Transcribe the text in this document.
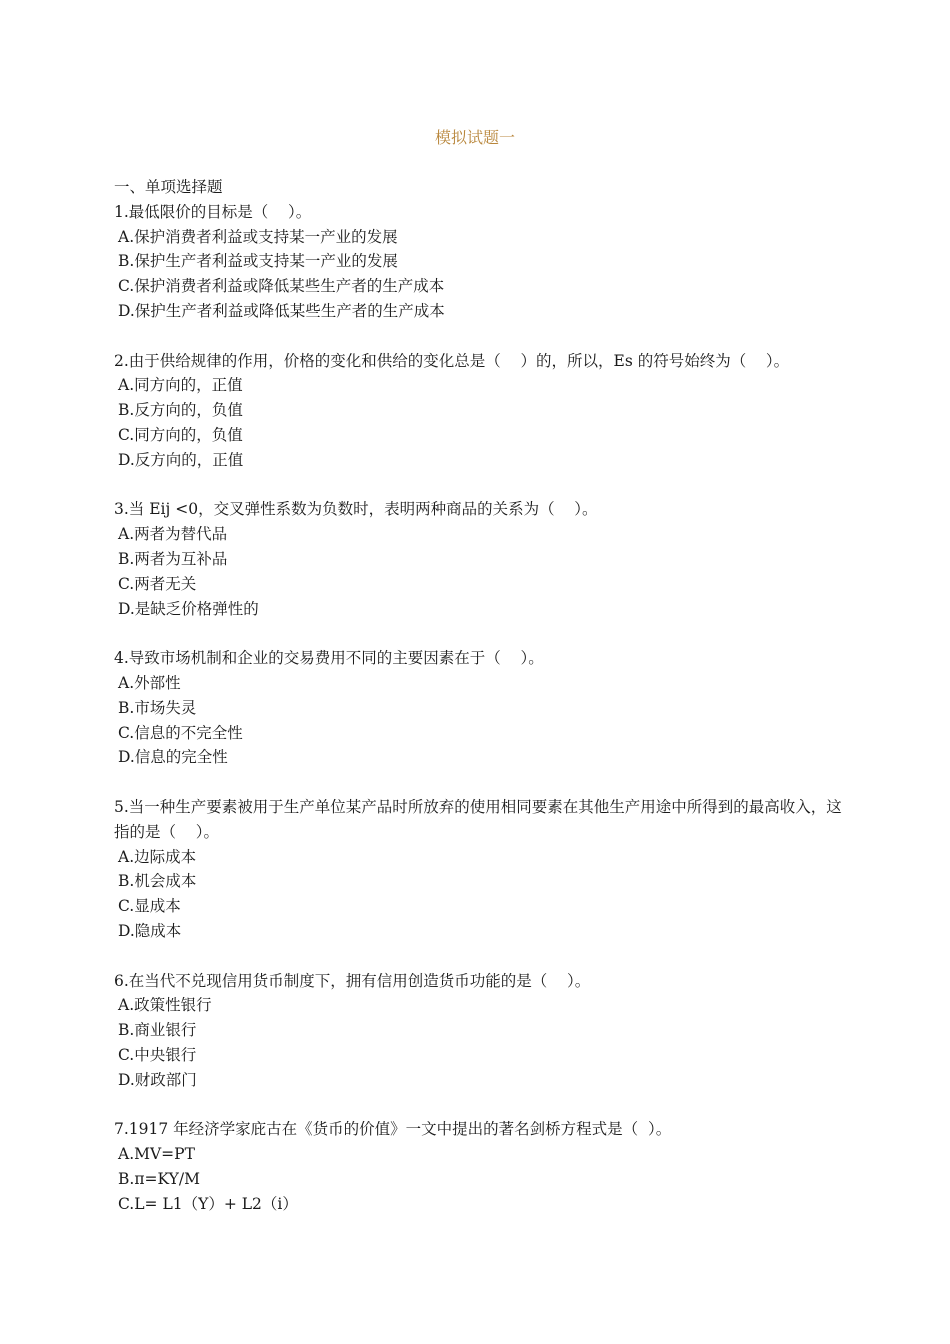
模拟试题一

一、单项选择题

1.最低限价的目标是（    ）。

A.保护消费者利益或支持某一产业的发展

B.保护生产者利益或支持某一产业的发展

C.保护消费者利益或降低某些生产者的生产成本

D.保护生产者利益或降低某些生产者的生产成本

2.由于供给规律的作用，价格的变化和供给的变化总是（    ）的，所以，Es 的符号始终为（    ）。

A.同方向的，正值

B.反方向的，负值

C.同方向的，负值

D.反方向的，正值

3.当 Eij <0，交叉弹性系数为负数时，表明两种商品的关系为（    ）。

A.两者为替代品

B.两者为互补品

C.两者无关

D.是缺乏价格弹性的

4.导致市场机制和企业的交易费用不同的主要因素在于（    ）。

A.外部性

B.市场失灵

C.信息的不完全性

D.信息的完全性

5.当一种生产要素被用于生产单位某产品时所放弃的使用相同要素在其他生产用途中所得到的最高收入，这指的是（    ）。

A.边际成本

B.机会成本

C.显成本

D.隐成本

6.在当代不兑现信用货币制度下，拥有信用创造货币功能的是（    ）。

A.政策性银行

B.商业银行

C.中央银行

D.财政部门

7.1917 年经济学家庇古在《货币的价值》一文中提出的著名剑桥方程式是（  ）。

A.MV=PT

B.π=KY/M

C.L= L1（Y）+ L2（i）
